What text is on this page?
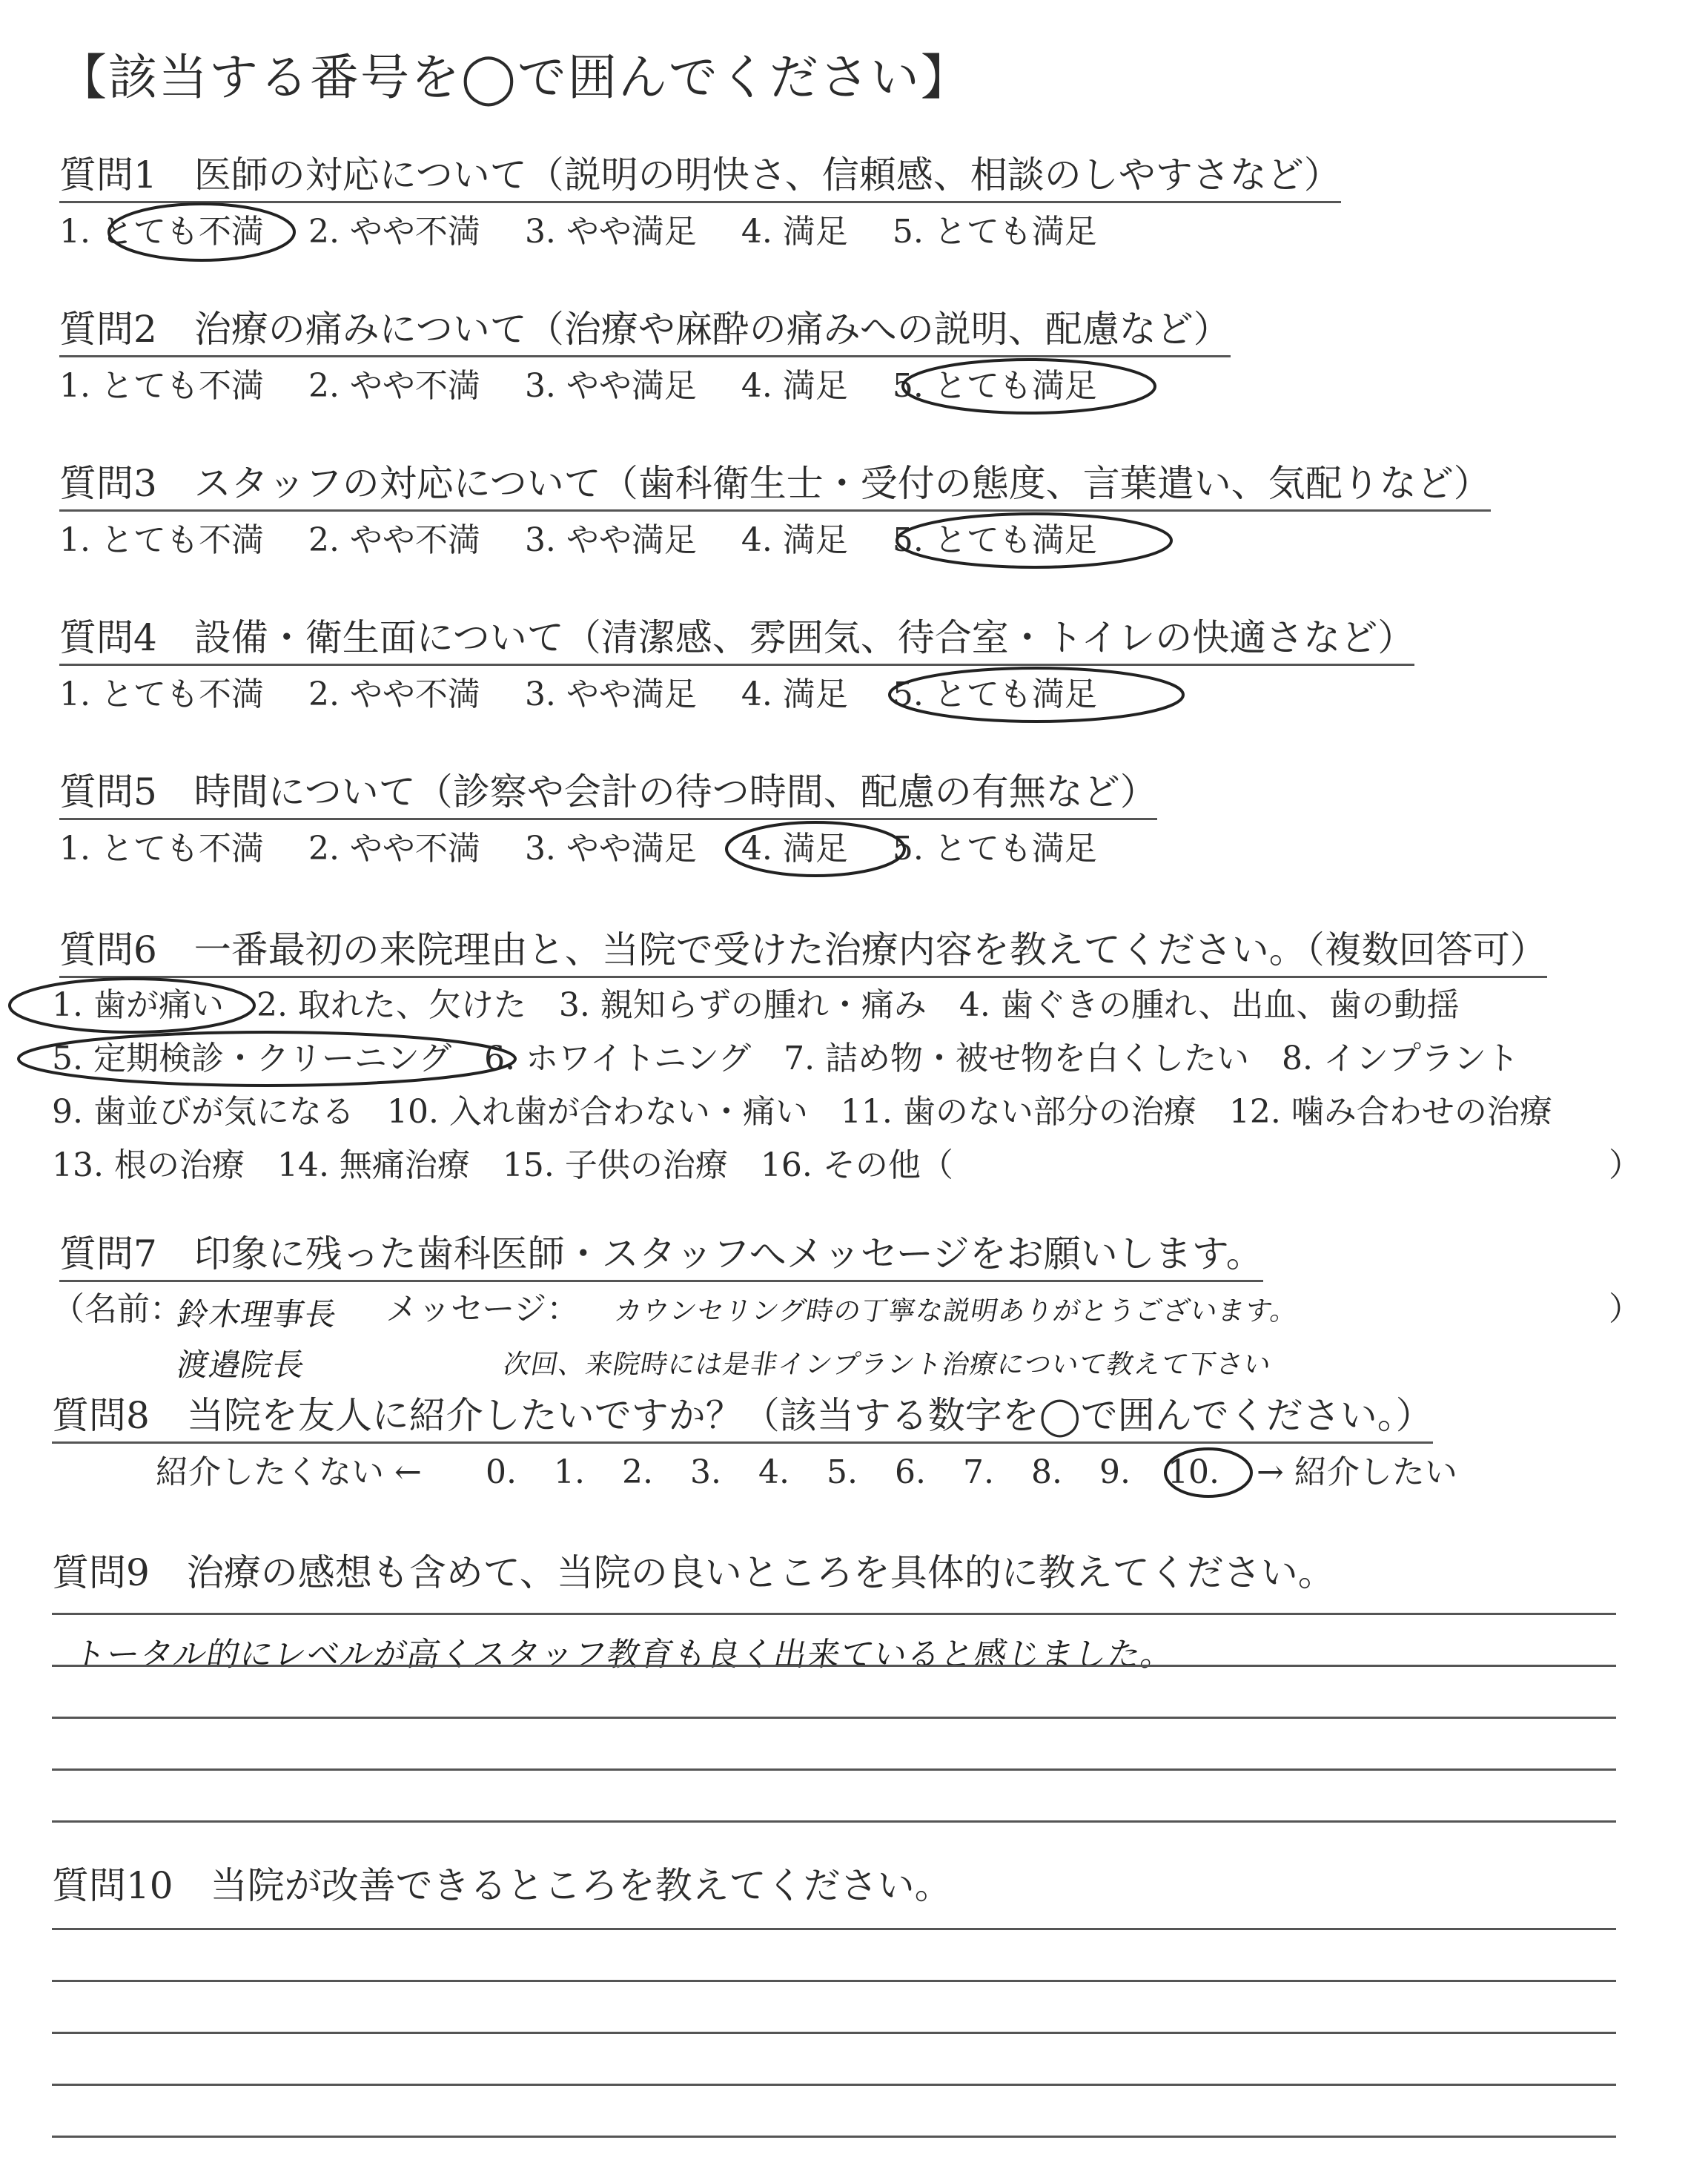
【該当する番号を◯で囲んでください】
質問1　医師の対応について（説明の明快さ、信頼感、相談のしやすさなど）
1. とても不満 2. やや不満 3. やや満足 4. 満足 5. とても満足
質問2　治療の痛みについて（治療や麻酔の痛みへの説明、配慮など）
1. とても不満 2. やや不満 3. やや満足 4. 満足 5. とても満足
質問3　スタッフの対応について（歯科衛生士・受付の態度、言葉遣い、気配りなど）
1. とても不満 2. やや不満 3. やや満足 4. 満足 5. とても満足
質問4　設備・衛生面について（清潔感、雰囲気、待合室・トイレの快適さなど）
1. とても不満 2. やや不満 3. やや満足 4. 満足 5. とても満足
質問5　時間について（診察や会計の待つ時間、配慮の有無など）
1. とても不満 2. やや不満 3. やや満足 4. 満足 5. とても満足
質問6　一番最初の来院理由と、当院で受けた治療内容を教えてください。（複数回答可）
1. 歯が痛い　2. 取れた、欠けた　3. 親知らずの腫れ・痛み　4. 歯ぐきの腫れ、出血、歯の動揺
5. 定期検診・クリーニング　6. ホワイトニング　7. 詰め物・被せ物を白くしたい　8. インプラント
9. 歯並びが気になる　10. 入れ歯が合わない・痛い　11. 歯のない部分の治療　12. 噛み合わせの治療
13. 根の治療　14. 無痛治療　15. 子供の治療　16. その他（	）
質問7　印象に残った歯科医師・スタッフへメッセージをお願いします。
（名前：
鈴木理事長 メッセージ： カウンセリング時の丁寧な説明ありがとうございます。	）
渡邉院長	次回、来院時には是非インプラント治療について教えて下さい
質問8　当院を友人に紹介したいですか？（該当する数字を◯で囲んでください。）
紹介したくない ← 0. 1. 2. 3. 4. 5. 6. 7. 8. 9. 10.	→ 紹介したい
質問9　治療の感想も含めて、当院の良いところを具体的に教えてください。
トータル的にレベルが高くスタッフ教育も良く出来ていると感じました。
質問10　当院が改善できるところを教えてください。
